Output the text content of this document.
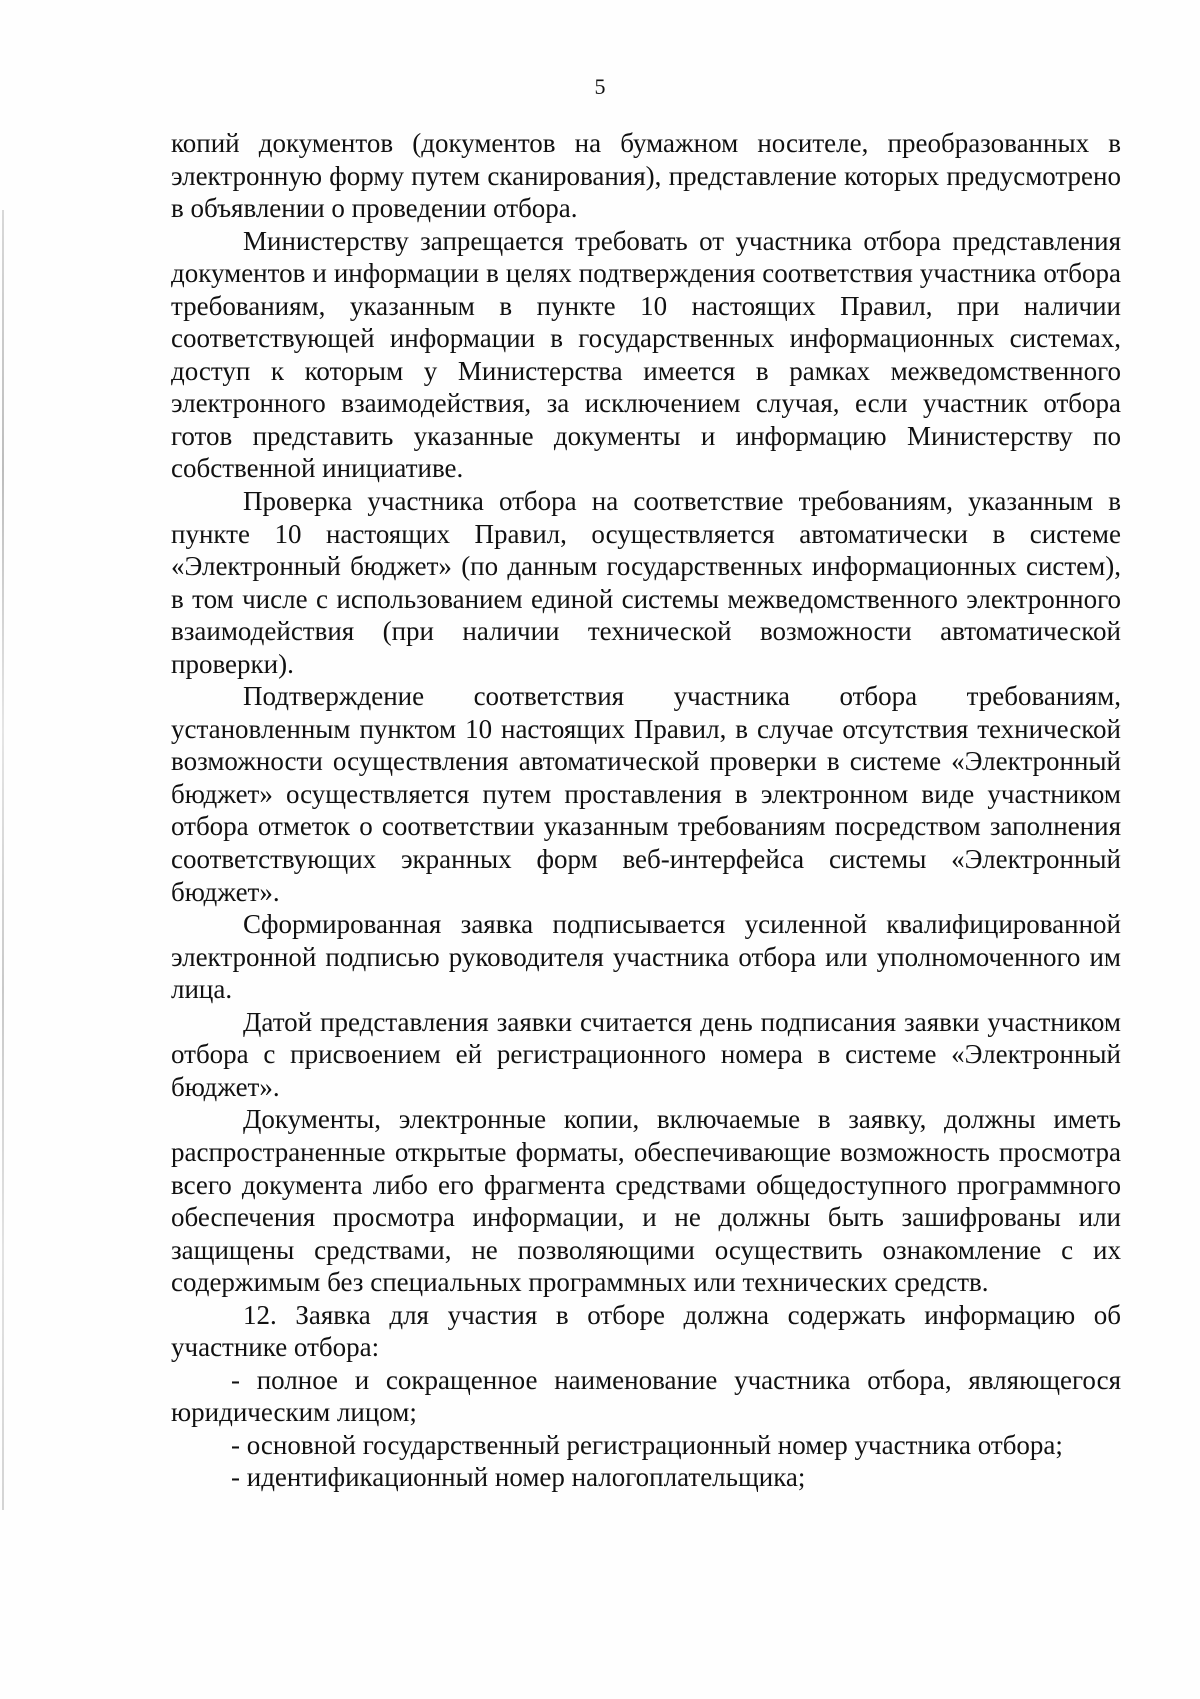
5

копий документов (документов на бумажном носителе, преобразованных в электронную форму путем сканирования), представление которых предусмотрено в объявлении о проведении отбора.

Министерству запрещается требовать от участника отбора представления документов и информации в целях подтверждения соответствия участника отбора требованиям, указанным в пункте 10 настоящих Правил, при наличии соответствующей информации в государственных информационных системах, доступ к которым у Министерства имеется в рамках межведомственного электронного взаимодействия, за исключением случая, если участник отбора готов представить указанные документы и информацию Министерству по собственной инициативе.

Проверка участника отбора на соответствие требованиям, указанным в пункте 10 настоящих Правил, осуществляется автоматически в системе «Электронный бюджет» (по данным государственных информационных систем), в том числе с использованием единой системы межведомственного электронного взаимодействия (при наличии технической возможности автоматической проверки).

Подтверждение соответствия участника отбора требованиям, установленным пунктом 10 настоящих Правил, в случае отсутствия технической возможности осуществления автоматической проверки в системе «Электронный бюджет» осуществляется путем проставления в электронном виде участником отбора отметок о соответствии указанным требованиям посредством заполнения соответствующих экранных форм веб-интерфейса системы «Электронный бюджет».

Сформированная заявка подписывается усиленной квалифицированной электронной подписью руководителя участника отбора или уполномоченного им лица.

Датой представления заявки считается день подписания заявки участником отбора с присвоением ей регистрационного номера в системе «Электронный бюджет».

Документы, электронные копии, включаемые в заявку, должны иметь распространенные открытые форматы, обеспечивающие возможность просмотра всего документа либо его фрагмента средствами общедоступного программного обеспечения просмотра информации, и не должны быть зашифрованы или защищены средствами, не позволяющими осуществить ознакомление с их содержимым без специальных программных или технических средств.

12. Заявка для участия в отборе должна содержать информацию об участнике отбора:

- полное и сокращенное наименование участника отбора, являющегося юридическим лицом;

- основной государственный регистрационный номер участника отбора;

- идентификационный номер налогоплательщика;
